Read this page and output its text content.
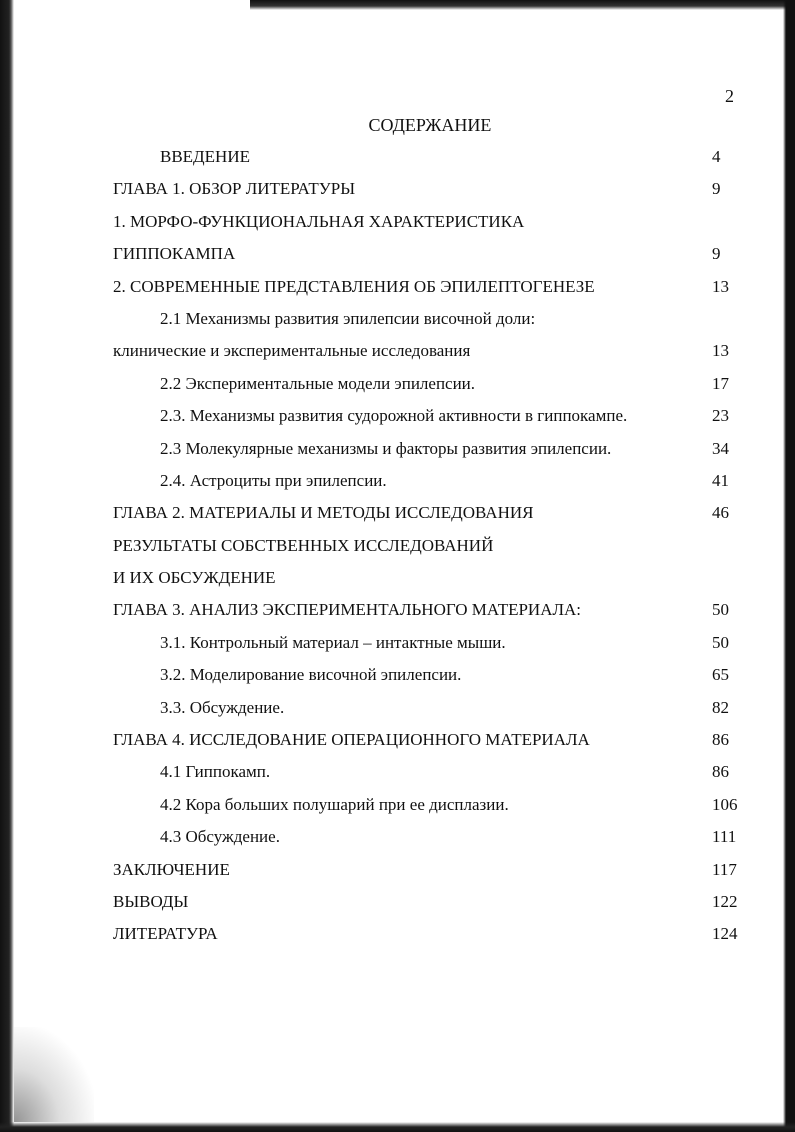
2
СОДЕРЖАНИЕ
ВВЕДЕНИЕ	4
ГЛАВА 1. ОБЗОР ЛИТЕРАТУРЫ	9
1. МОРФО-ФУНКЦИОНАЛЬНАЯ ХАРАКТЕРИСТИКА
ГИППОКАМПА	9
2. СОВРЕМЕННЫЕ ПРЕДСТАВЛЕНИЯ ОБ ЭПИЛЕПТОГЕНЕЗЕ	13
2.1 Механизмы развития эпилепсии височной доли:
клинические и экспериментальные исследования	13
2.2 Экспериментальные модели эпилепсии.	17
2.3. Механизмы развития судорожной активности в гиппокампе.	23
2.3 Молекулярные механизмы и факторы развития эпилепсии.	34
2.4. Астроциты при эпилепсии.	41
ГЛАВА 2. МАТЕРИАЛЫ И МЕТОДЫ ИССЛЕДОВАНИЯ	46
РЕЗУЛЬТАТЫ СОБСТВЕННЫХ ИССЛЕДОВАНИЙ
И ИХ ОБСУЖДЕНИЕ
ГЛАВА 3. АНАЛИЗ ЭКСПЕРИМЕНТАЛЬНОГО МАТЕРИАЛА:	50
3.1. Контрольный материал – интактные мыши.	50
3.2. Моделирование височной эпилепсии.	65
3.3. Обсуждение.	82
ГЛАВА 4. ИССЛЕДОВАНИЕ ОПЕРАЦИОННОГО МАТЕРИАЛА	86
4.1 Гиппокамп.	86
4.2 Кора больших полушарий при ее дисплазии.	106
4.3 Обсуждение.	111
ЗАКЛЮЧЕНИЕ	117
ВЫВОДЫ	122
ЛИТЕРАТУРА	124
